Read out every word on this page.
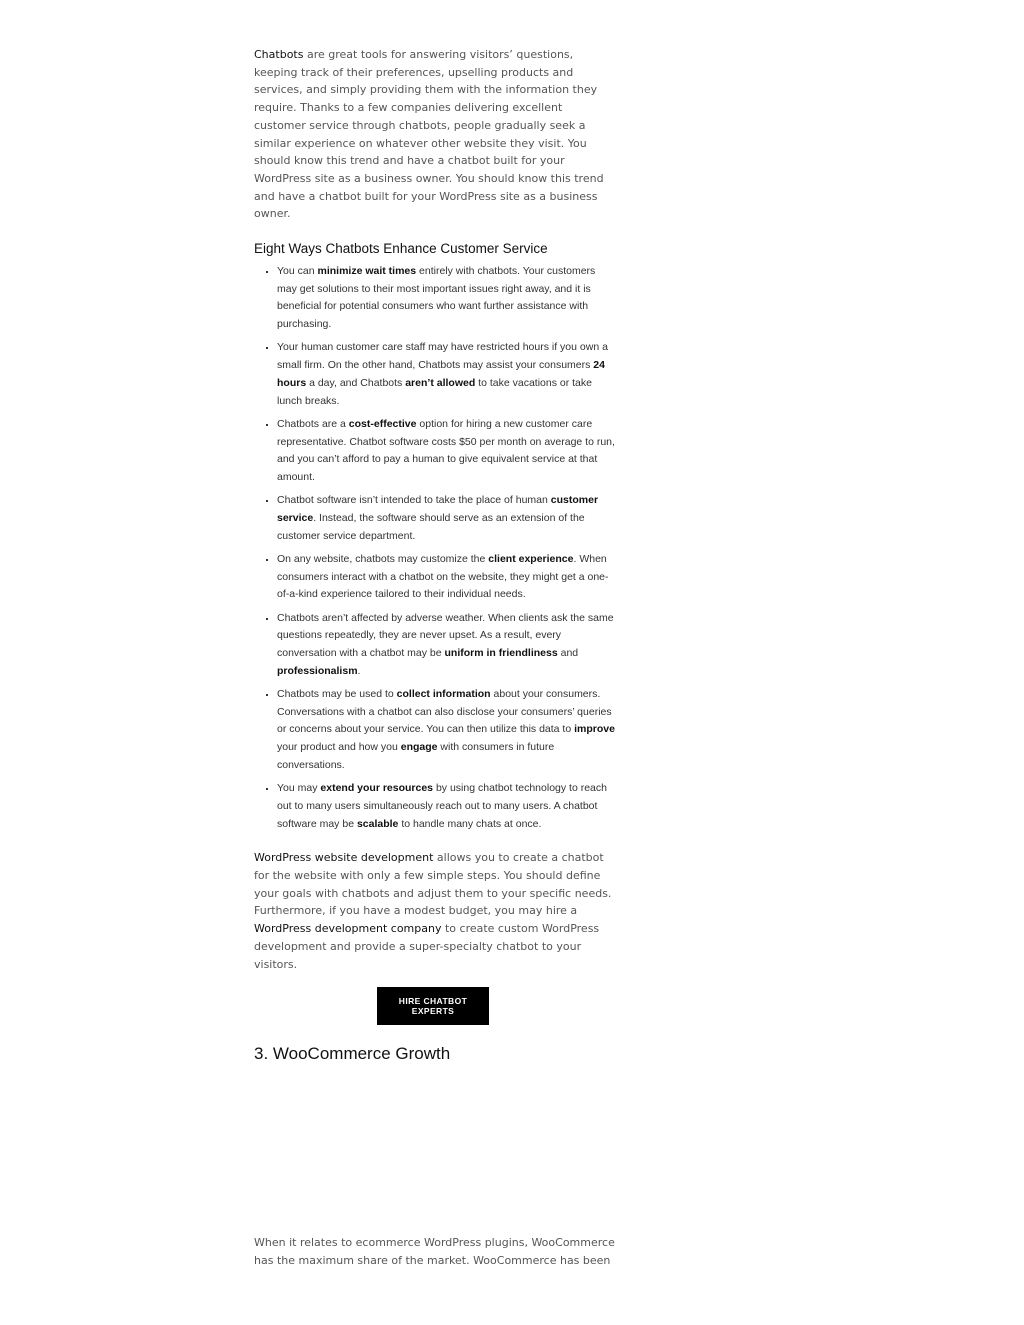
Chatbots are great tools for answering visitors’ questions, keeping track of their preferences, upselling products and services, and simply providing them with the information they require. Thanks to a few companies delivering excellent customer service through chatbots, people gradually seek a similar experience on whatever other website they visit. You should know this trend and have a chatbot built for your WordPress site as a business owner. You should know this trend and have a chatbot built for your WordPress site as a business owner.

Eight Ways Chatbots Enhance Customer Service
▪ You can minimize wait times entirely with chatbots. Your customers may get solutions to their most important issues right away, and it is beneficial for potential consumers who want further assistance with purchasing.
▪ Your human customer care staff may have restricted hours if you own a small firm. On the other hand, Chatbots may assist your consumers 24 hours a day, and Chatbots aren’t allowed to take vacations or take lunch breaks.
▪ Chatbots are a cost-effective option for hiring a new customer care representative. Chatbot software costs $50 per month on average to run, and you can’t afford to pay a human to give equivalent service at that amount.
▪ Chatbot software isn’t intended to take the place of human customer service. Instead, the software should serve as an extension of the customer service department.
▪ On any website, chatbots may customize the client experience. When consumers interact with a chatbot on the website, they might get a one-of-a-kind experience tailored to their individual needs.
▪ Chatbots aren’t affected by adverse weather. When clients ask the same questions repeatedly, they are never upset. As a result, every conversation with a chatbot may be uniform in friendliness and professionalism.
▪ Chatbots may be used to collect information about your consumers. Conversations with a chatbot can also disclose your consumers’ queries or concerns about your service. You can then utilize this data to improve your product and how you engage with consumers in future conversations.
▪ You may extend your resources by using chatbot technology to reach out to many users simultaneously reach out to many users. A chatbot software may be scalable to handle many chats at once.

WordPress website development allows you to create a chatbot for the website with only a few simple steps. You should define your goals with chatbots and adjust them to your specific needs. Furthermore, if you have a modest budget, you may hire a WordPress development company to create custom WordPress development and provide a super-specialty chatbot to your visitors.

HIRE CHATBOT EXPERTS
3. WooCommerce Growth

When it relates to ecommerce WordPress plugins, WooCommerce has the maximum share of the market. WooCommerce has been
